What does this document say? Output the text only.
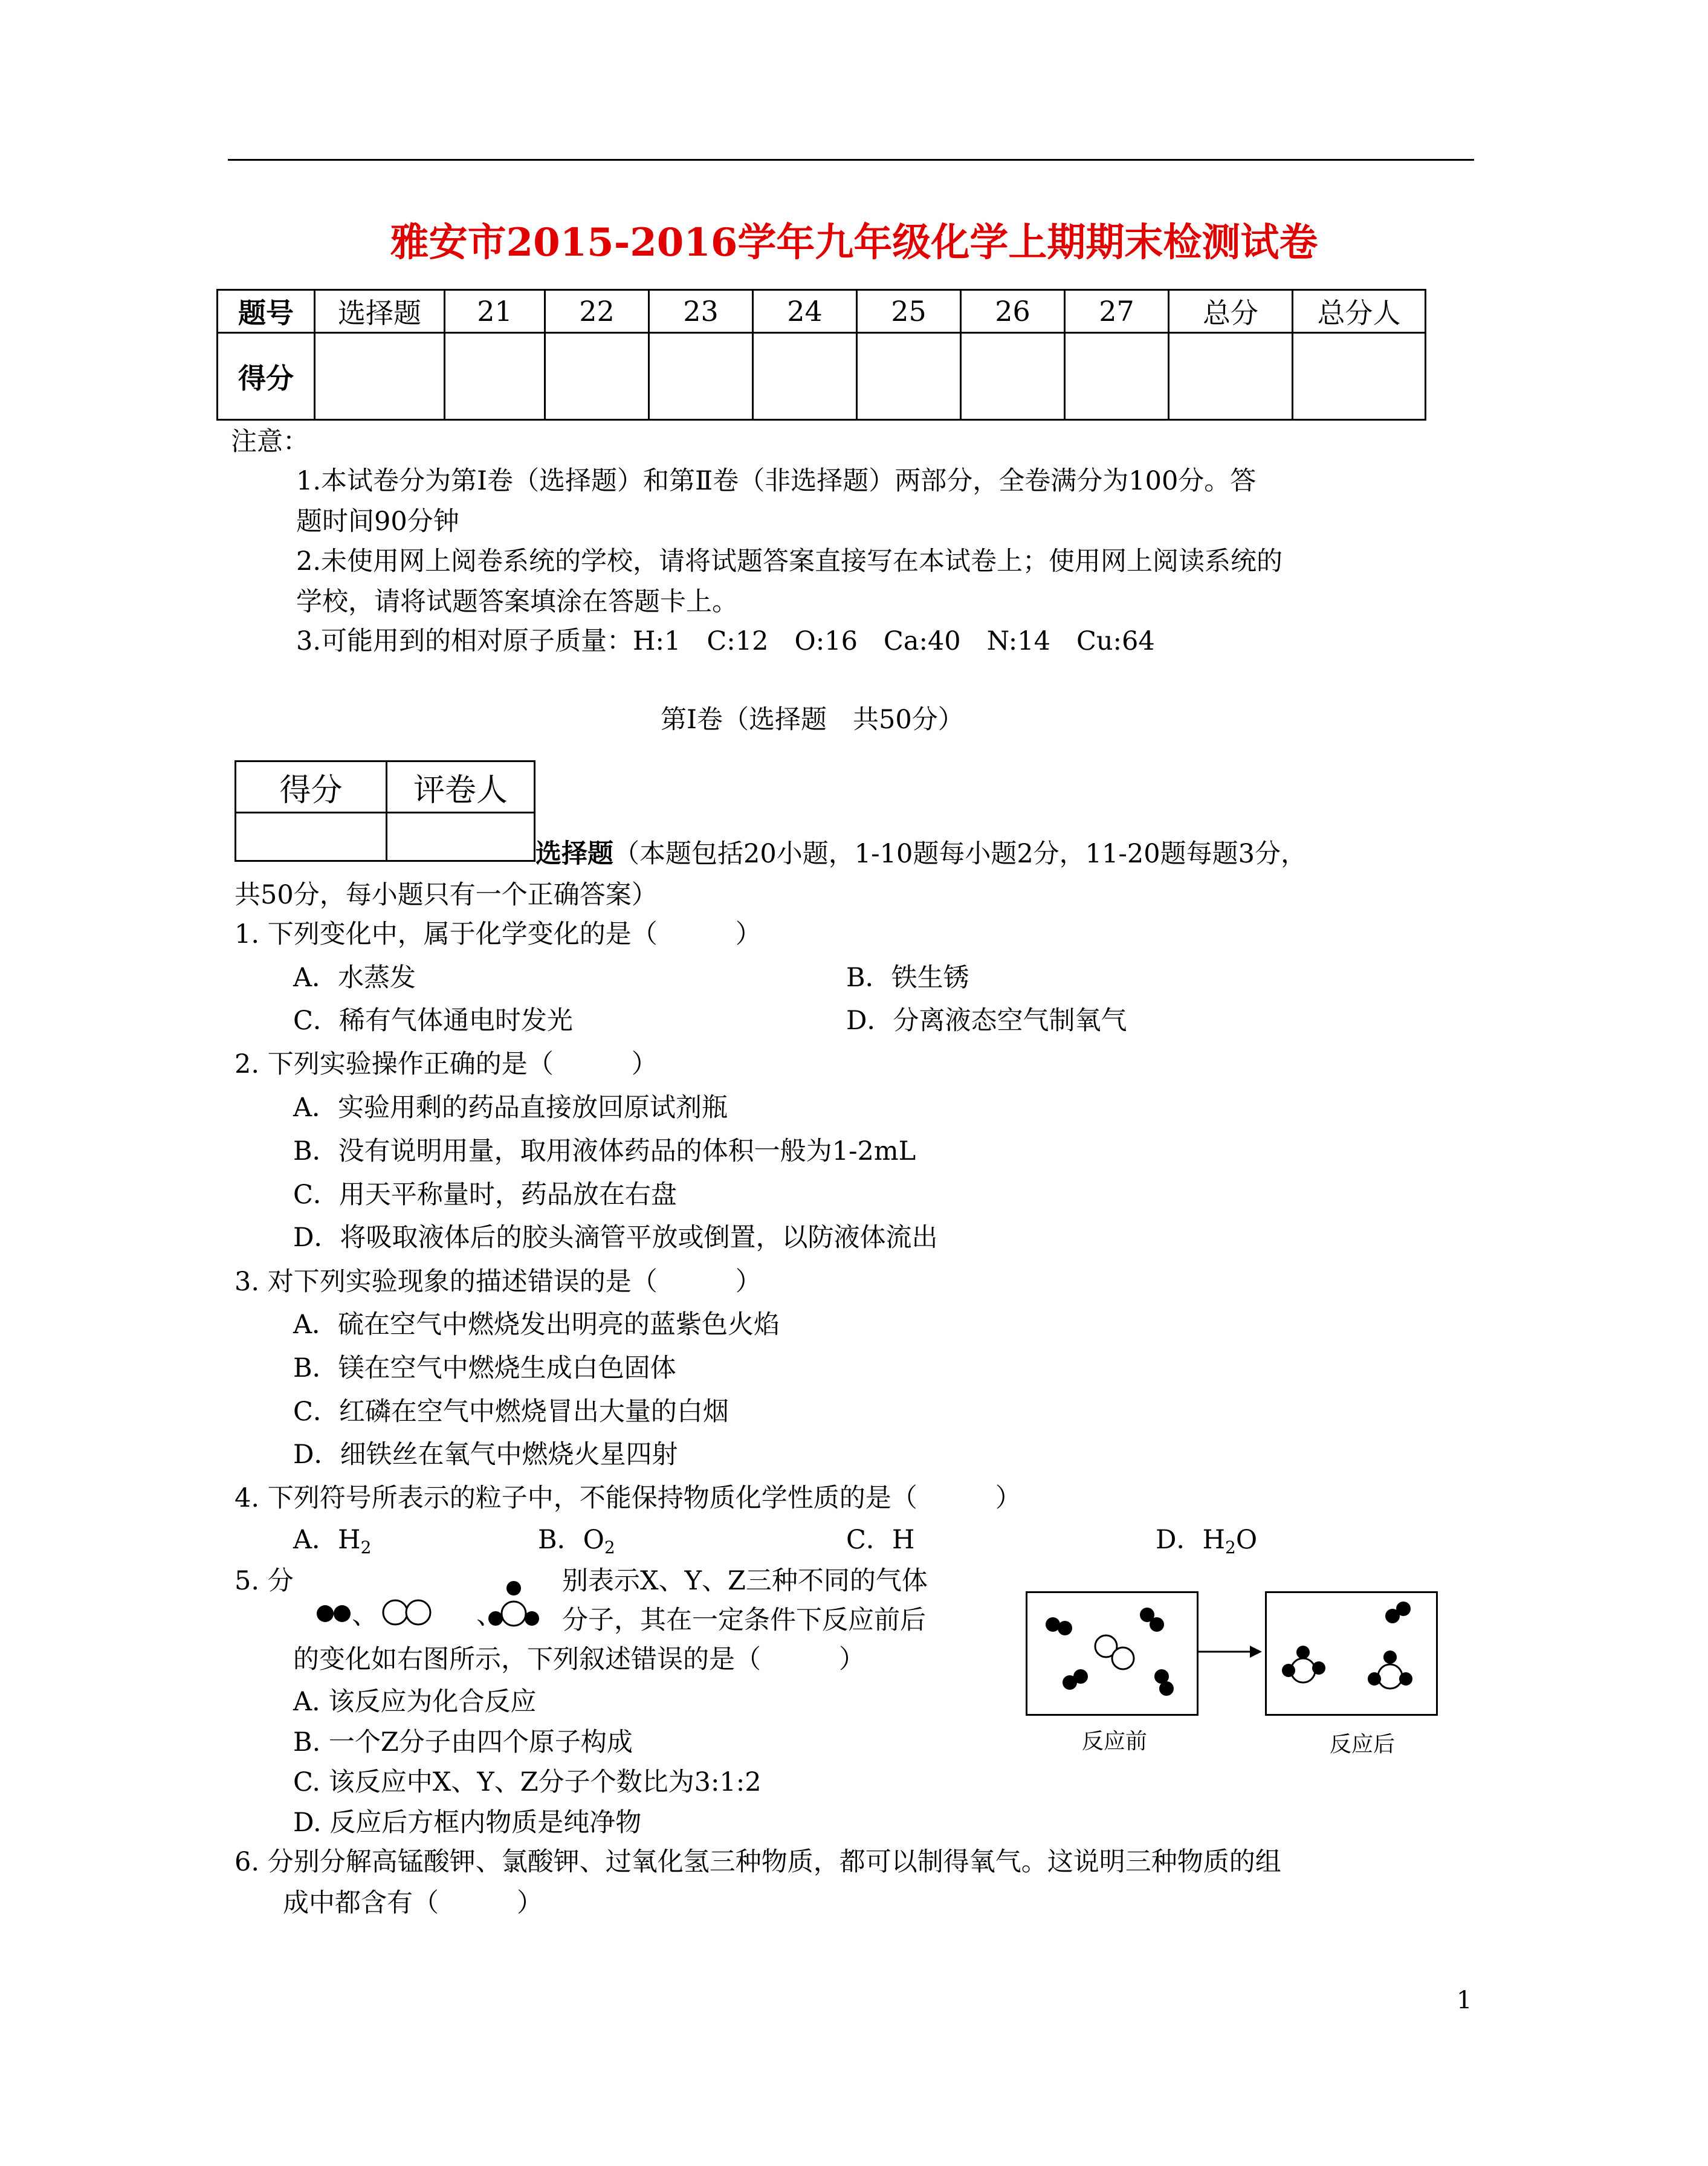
雅安市2015-2016学年九年级化学上期期末检测试卷
题号	选择题	21	22	23	24	25	26	27	总分	总分人
得分										
注意：
1.本试卷分为第Ⅰ卷（选择题）和第Ⅱ卷（非选择题）两部分，全卷满分为100分。答
题时间90分钟
2.未使用网上阅卷系统的学校，请将试题答案直接写在本试卷上；使用网上阅读系统的
学校，请将试题答案填涂在答题卡上。
3.可能用到的相对原子质量：H:1　C:12　O:16　Ca:40　N:14　Cu:64
第Ⅰ卷（选择题　共50分）
得分	评卷人

选择题（本题包括20小题，1-10题每小题2分，11-20题每题3分，
共50分，每小题只有一个正确答案）
1. 下列变化中，属于化学变化的是（　　　）
A．水蒸发	B．铁生锈
C．稀有气体通电时发光	D．分离液态空气制氧气
2. 下列实验操作正确的是（　　　）
A．实验用剩的药品直接放回原试剂瓶
B．没有说明用量，取用液体药品的体积一般为1-2mL
C．用天平称量时，药品放在右盘
D．将吸取液体后的胶头滴管平放或倒置，以防液体流出
3. 对下列实验现象的描述错误的是（　　　）
A．硫在空气中燃烧发出明亮的蓝紫色火焰
B．镁在空气中燃烧生成白色固体
C．红磷在空气中燃烧冒出大量的白烟
D．细铁丝在氧气中燃烧火星四射
4. 下列符号所表示的粒子中，不能保持物质化学性质的是（　　　）
A．$H_2$	B．$O_2$	C．H	D．$H_2O$
5. 分
、	、
别表示X、Y、Z三种不同的气体
分子，其在一定条件下反应前后
的变化如右图所示，下列叙述错误的是（　　　）
A. 该反应为化合反应
B. 一个Z分子由四个原子构成
C. 该反应中X、Y、Z分子个数比为3:1:2
D. 反应后方框内物质是纯净物
反应前	反应后
6. 分别分解高锰酸钾、氯酸钾、过氧化氢三种物质，都可以制得氧气。这说明三种物质的组
成中都含有（　　　）
1
